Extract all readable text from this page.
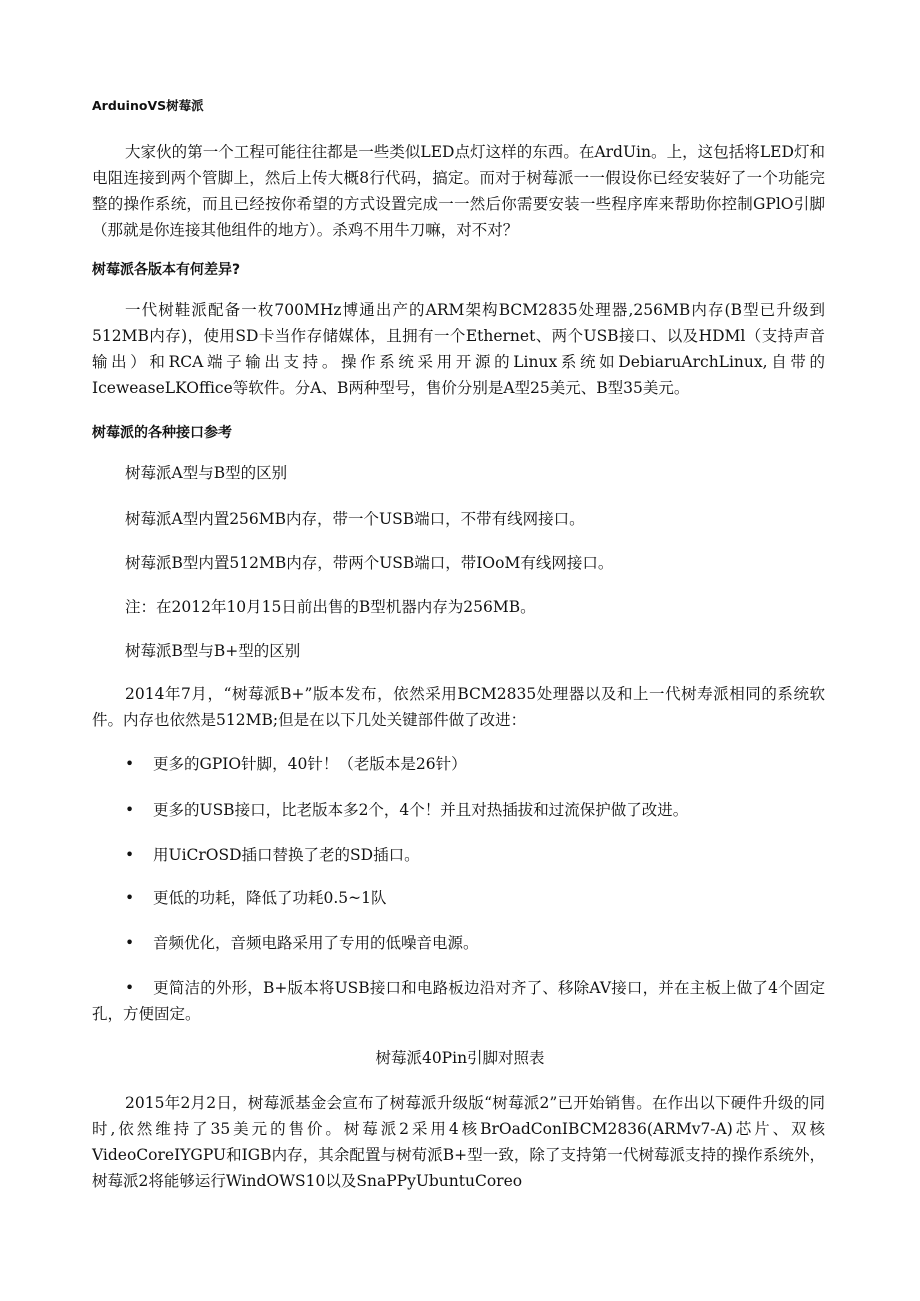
ArduinoVS树莓派

大家伙的第一个工程可能往往都是一些类似LED点灯这样的东西。在ArdUin。上，这包括将LED灯和电阻连接到两个管脚上，然后上传大概8行代码，搞定。而对于树莓派一一假设你已经安装好了一个功能完整的操作系统，而且已经按你希望的方式设置完成一一然后你需要安装一些程序库来帮助你控制GPlO引脚（那就是你连接其他组件的地方）。杀鸡不用牛刀嘛，对不对？

树莓派各版本有何差异?

一代树鞋派配备一枚700MHz博通出产的ARM架构BCM2835处理器,256MB内存(B型已升级到512MB内存)，使用SD卡当作存储媒体，且拥有一个Ethernet、两个USB接口、以及HDMl（支持声音输出）和RCA端子输出支持。操作系统采用开源的Linux系统如DebiaruArchLinux,自带的IceweaseLKOffice等软件。分A、B两种型号，售价分别是A型25美元、B型35美元。

树莓派的各种接口参考
树莓派A型与B型的区别
树莓派A型内置256MB内存，带一个USB端口，不带有线网接口。
树莓派B型内置512MB内存，带两个USB端口，带IOoM有线网接口。
注：在2012年10月15日前出售的B型机器内存为256MB。
树莓派B型与B+型的区别

2014年7月，“树莓派B+”版本发布，依然采用BCM2835处理器以及和上一代树寿派相同的系统软件。内存也依然是512MB;但是在以下几处关键部件做了改进：

• 更多的GPIO针脚，40针！（老版本是26针）
• 更多的USB接口，比老版本多2个，4个！并且对热插拔和过流保护做了改进。
• 用UiCrOSD插口替换了老的SD插口。
• 更低的功耗，降低了功耗0.5~1队
• 音频优化，音频电路采用了专用的低噪音电源。

• 更简洁的外形，B+版本将USB接口和电路板边沿对齐了、移除AV接口，并在主板上做了4个固定孔，方便固定。

树莓派40Pin引脚对照表

2015年2月2日，树莓派基金会宣布了树莓派升级版“树莓派2”已开始销售。在作出以下硬件升级的同时,依然维持了35美元的售价。树莓派2采用4核BrOadConIBCM2836(ARMv7-A)芯片、双核VideoCoreIYGPU和IGB内存，其余配置与树荀派B+型一致，除了支持第一代树莓派支持的操作系统外，树莓派2将能够运行WindOWS10以及SnaPPyUbuntuCoreo
